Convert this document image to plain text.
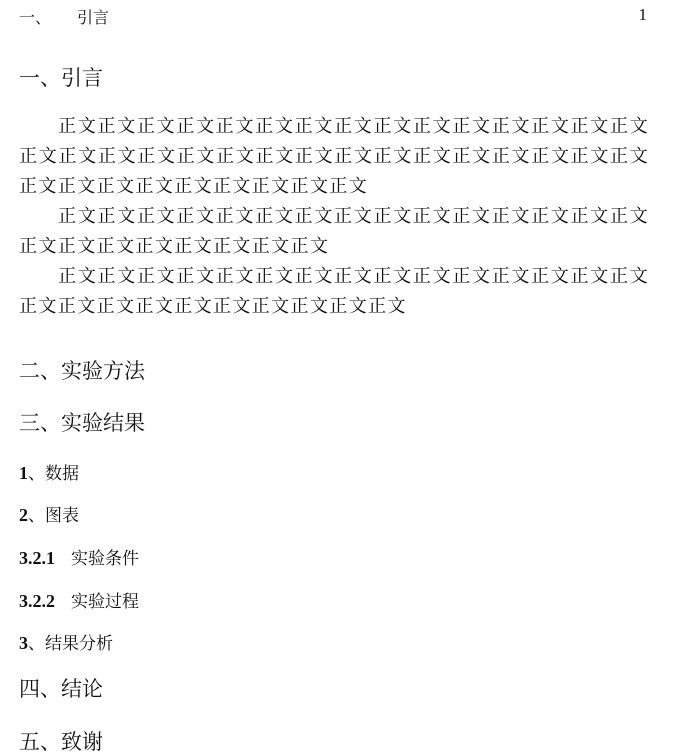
一、 引言	1
一、引言
正文正文正文正文正文正文正文正文正文正文正文正文正文正文正文正文正文正文正文正文正文正文正文正文正文正文正文正文正文正文正文正文正文正文正文正文正文正文正文正文
正文正文正文正文正文正文正文正文正文正文正文正文正文正文正文正文正文正文正文正文正文正文正文
正文正文正文正文正文正文正文正文正文正文正文正文正文正文正文正文正文正文正文正文正文正文正文正文正文
二、实验方法
三、实验结果
1、数据
2、图表
3.2.1 实验条件
3.2.2 实验过程
3、结果分析
四、结论
五、致谢
